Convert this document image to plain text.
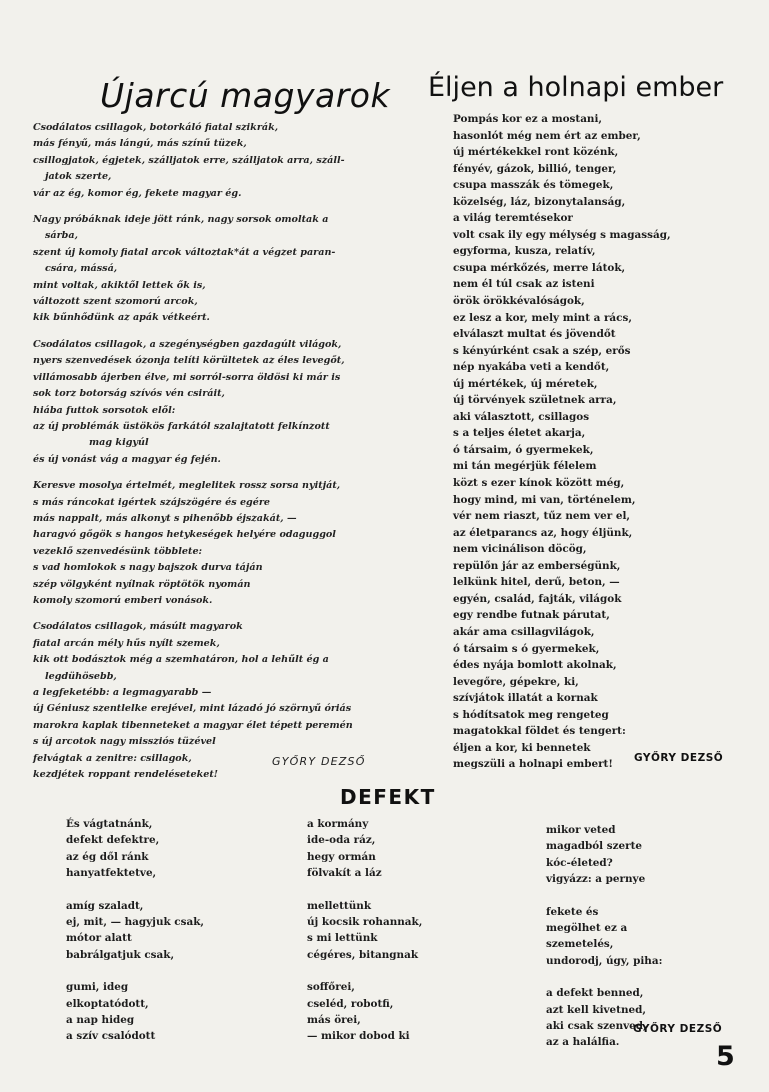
Újarcú magyarok Éljen a holnapi ember
Csodálatos csillagok, botorkáló fiatal szikrák,
más fényű, más lángú, más színű tüzek,
csillogjatok, égjetek, szálljatok erre, szálljatok arra, száll-
jatok szerte,
vár az ég, komor ég, fekete magyar ég.
Nagy próbáknak ideje jött ránk, nagy sorsok omoltak a
sárba,
szent új komoly fiatal arcok változtak*át a végzet paran-
csára, mássá,
mint voltak, akiktől lettek ők is,
változott szent szomorú arcok,
kik bűnhődünk az apák vétkeért.
Csodálatos csillagok, a szegénységben gazdagúlt világok,
nyers szenvedések ózonja telíti körültetek az éles levegőt,
villámosabb ájerben élve, mi sorról-sorra öldösi ki már is
sok torz botorság szívós vén csiráit,
hiába futtok sorsotok elől:
az új problémák üstökös farkától szalajtatott felkínzott
mag kigyúl
és új vonást vág a magyar ég fején.
Keresve mosolya értelmét, meglelitek rossz sorsa nyitját,
s más ráncokat igértek szájszögére és egére
más nappalt, más alkonyt s pihenőbb éjszakát, —
haragvó gőgök s hangos hetykeségek helyére odaguggol
vezeklő szenvedésünk többlete:
s vad homlokok s nagy bajszok durva táján
szép völgyként nyílnak röptötök nyomán
komoly szomorú emberi vonások.
Csodálatos csillagok, másúlt magyarok
fiatal arcán mély hűs nyílt szemek,
kik ott bodásztok még a szemhatáron, hol a lehűlt ég a
legdühösebb,
a legfeketébb: a legmagyarabb —
új Géniusz szentlelke erejével, mint lázadó jó szörnyű óriás
marokra kaplak tibenneteket a magyar élet tépett peremén
s új arcotok nagy missziós tüzével
felvágtak a zenitre: csillagok,
kezdjétek roppant rendeléseteket!
Pompás kor ez a mostani,
hasonlót még nem ért az ember,
új mértékekkel ront közénk,
fényév, gázok, billió, tenger,
csupa masszák és tömegek,
közelség, láz, bizonytalanság,
a világ teremtésekor
volt csak ily egy mélység s magasság,
egyforma, kusza, relatív,
csupa mérkőzés, merre látok,
nem él túl csak az isteni
örök örökkévalóságok,
ez lesz a kor, mely mint a rács,
elválaszt multat és jövendőt
s kényúrként csak a szép, erős
nép nyakába veti a kendőt,
új mértékek, új méretek,
új törvények születnek arra,
aki választott, csillagos
s a teljes életet akarja,
ó társaim, ó gyermekek,
mi tán megérjük félelem
közt s ezer kínok között még,
hogy mind, mi van, történelem,
vér nem riaszt, tűz nem ver el,
az életparancs az, hogy éljünk,
nem vicinálison döcög,
repülőn jár az emberségünk,
lelkünk hitel, derű, beton, —
egyén, család, fajták, világok
egy rendbe futnak párutat,
akár ama csillagvilágok,
ó társaim s ó gyermekek,
édes nyája bomlott akolnak,
levegőre, gépekre, ki,
szívjátok illatát a kornak
s hódítsatok meg rengeteg
magatokkal földet és tengert:
éljen a kor, ki bennetek
megszüli a holnapi embert!
GYŐRY DEZSŐ	GYŐRY DEZSŐ
DEFEKT
És vágtatnánk,
defekt defektre,
az ég dől ránk
hanyatfektetve,
amíg szaladt,
ej, mit, — hagyjuk csak,
mótor alatt
babrálgatjuk csak,
gumi, ideg
elkoptatódott,
a nap hideg
a szív csalódott
a kormány
ide-oda ráz,
hegy ormán
fölvakít a láz
mellettünk
új kocsik rohannak,
s mi lettünk
cégéres, bitangnak
soffőrei,
cseléd, robotfi,
más örei,
— mikor dobod ki
mikor veted
magadból szerte
kóc-életed?
vigyázz: a pernye
fekete és
megölhet ez a
szemetelés,
undorodj, úgy, piha:
a defekt benned,
azt kell kivetned,
aki csak szenved,
az a halálfia.
GYŐRY DEZSŐ
5
